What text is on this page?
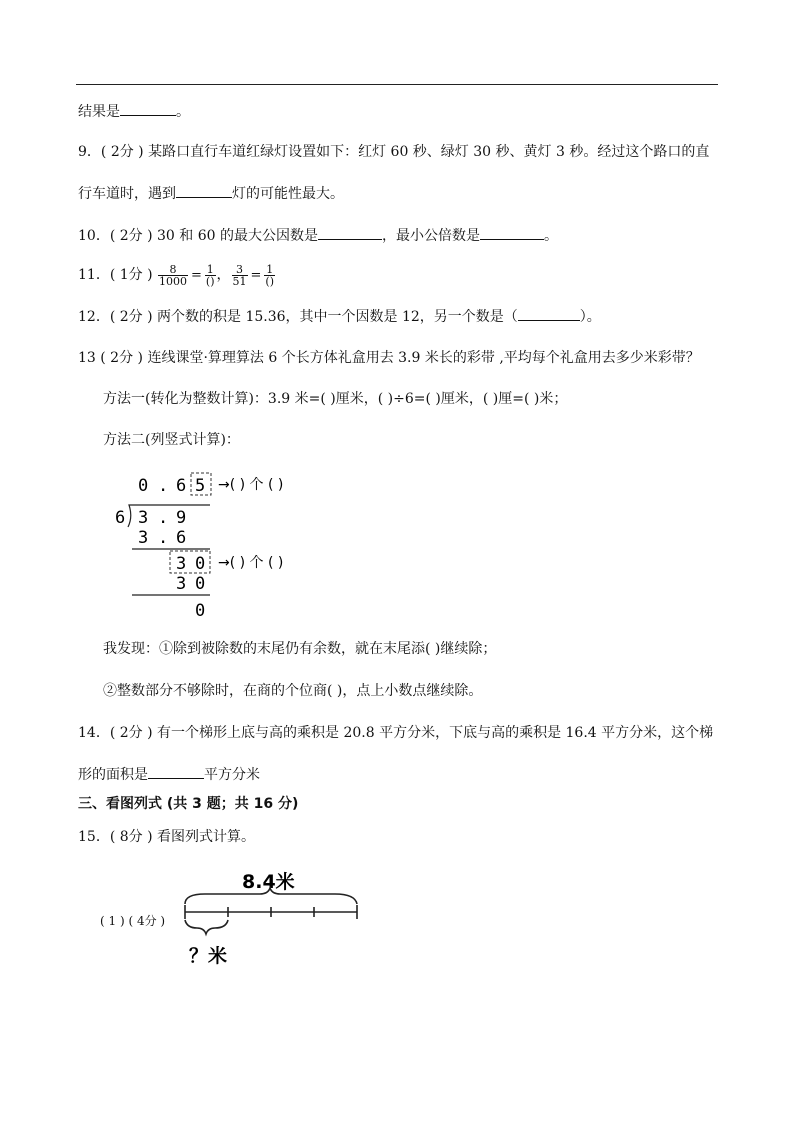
结果是	。
9．( 2分 ) 某路口直行车道红绿灯设置如下：红灯 60 秒、绿灯 30 秒、黄灯 3 秒。经过这个路口的直
行车道时，遇到	灯的可能性最大。
10．( 2分 ) 30 和 60 的最大公因数是	，最小公倍数是	。
11．( 1分 ) $\frac{8}{1000} = \frac{1}{()}$ ， $\frac{3}{51} = \frac{1}{()}$
12．( 2分 ) 两个数的积是 15.36，其中一个因数是 12，另一个数是（	）。
13 ( 2分 ) 连线课堂·算理算法 6 个长方体礼盒用去 3.9 米长的彩带 ,平均每个礼盒用去多少米彩带？
方法一(转化为整数计算)：3.9 米=( )厘米，( )÷6=( )厘米，( )厘=( )米；
方法二(列竖式计算)：
0 . 6 5 →( ) 个 ( )
6 3 . 9
3 . 6
3 0 →( ) 个 ( )
3 0
0
我发现：①除到被除数的末尾仍有余数，就在末尾添( )继续除；
②整数部分不够除时，在商的个位商( )，点上小数点继续除。
14．( 2分 ) 有一个梯形上底与高的乘积是 20.8 平方分米，下底与高的乘积是 16.4 平方分米，这个梯
形的面积是	平方分米
三、看图列式 (共 3 题；共 16 分)
15．( 8分 ) 看图列式计算。
( 1 ) ( 4分 )
8.4米
？米
